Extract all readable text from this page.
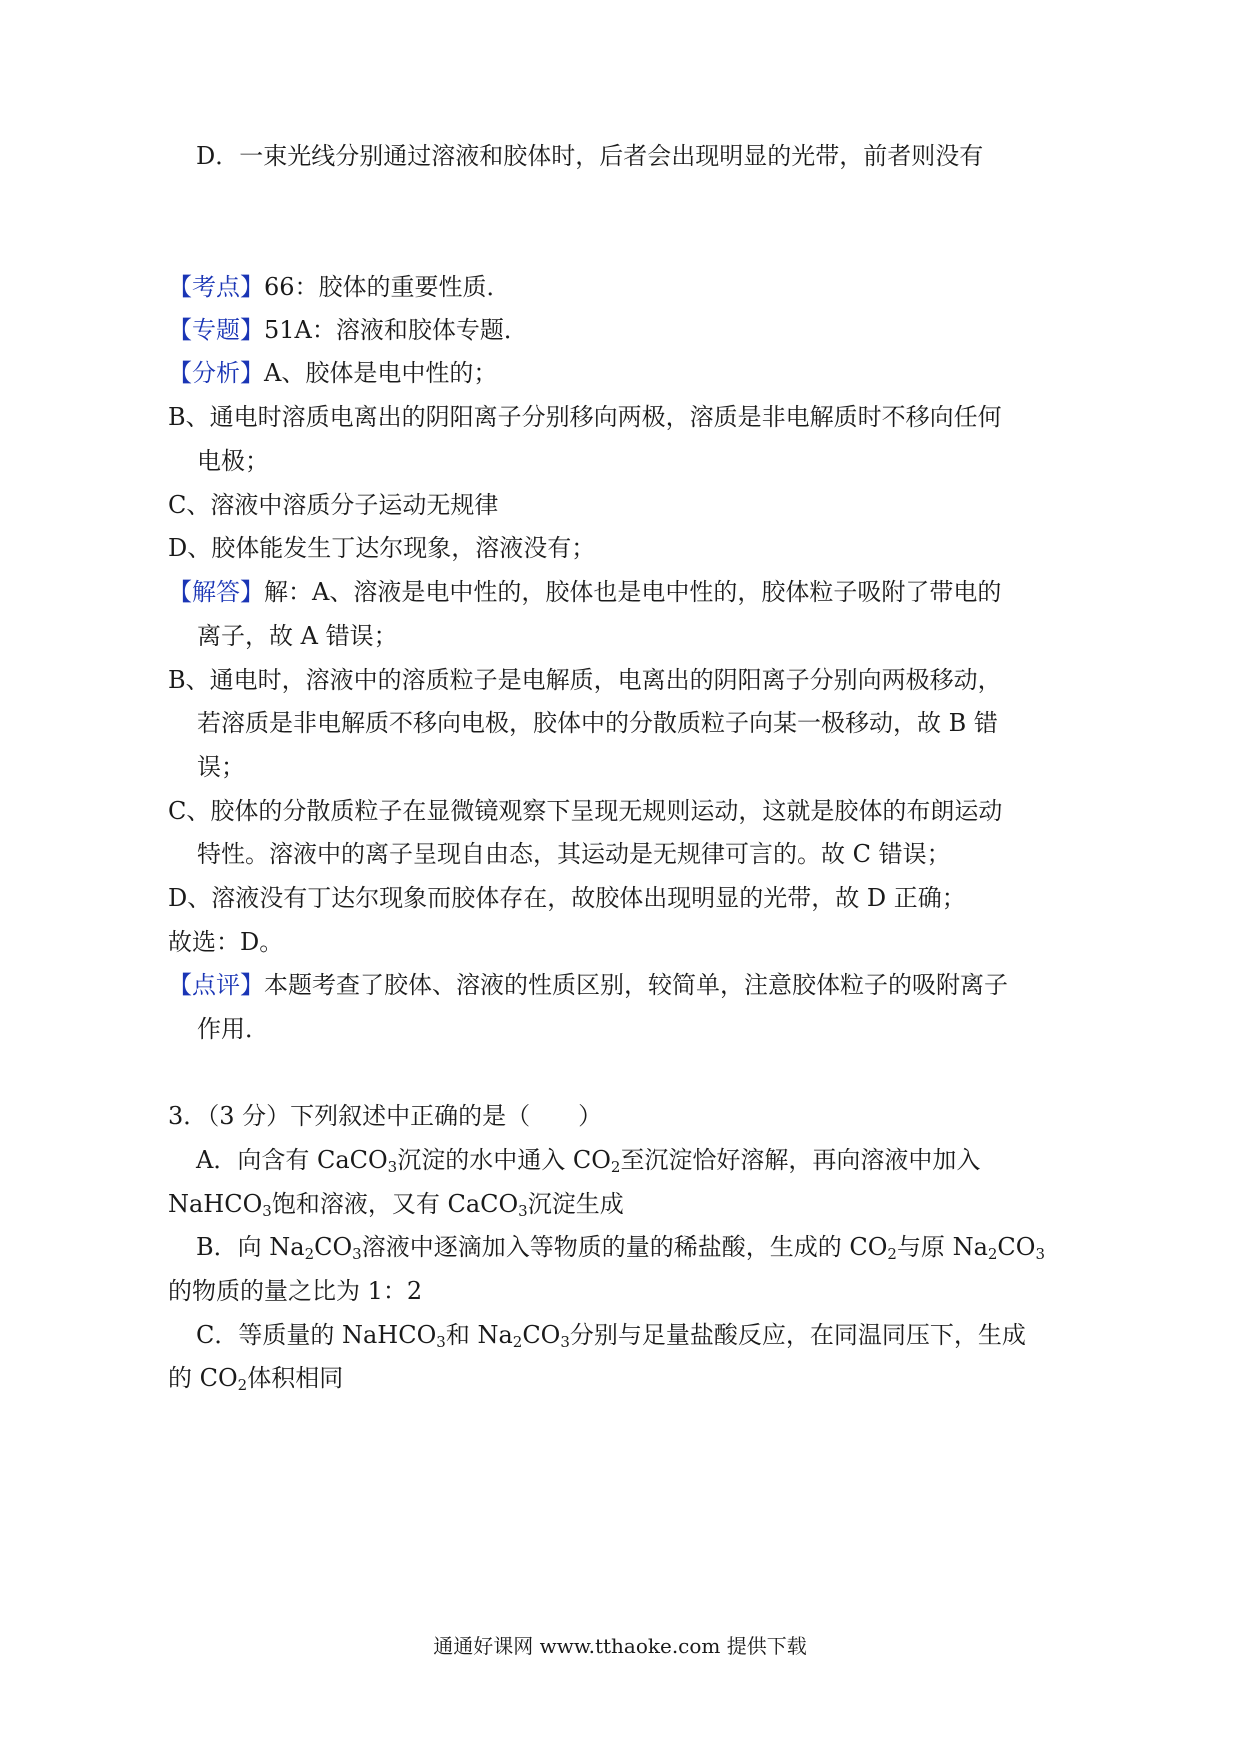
D．一束光线分别通过溶液和胶体时，后者会出现明显的光带，前者则没有
【考点】66：胶体的重要性质．
【专题】51A：溶液和胶体专题．
【分析】A、胶体是电中性的；
B、通电时溶质电离出的阴阳离子分别移向两极，溶质是非电解质时不移向任何
电极；
C、溶液中溶质分子运动无规律
D、胶体能发生丁达尔现象，溶液没有；
【解答】解：A、溶液是电中性的，胶体也是电中性的，胶体粒子吸附了带电的
离子，故 A 错误；
B、通电时，溶液中的溶质粒子是电解质，电离出的阴阳离子分别向两极移动，
若溶质是非电解质不移向电极，胶体中的分散质粒子向某一极移动，故 B 错
误；
C、胶体的分散质粒子在显微镜观察下呈现无规则运动，这就是胶体的布朗运动
特性。溶液中的离子呈现自由态，其运动是无规律可言的。故 C 错误；
D、溶液没有丁达尔现象而胶体存在，故胶体出现明显的光带，故 D 正确；
故选：D。
【点评】本题考查了胶体、溶液的性质区别，较简单，注意胶体粒子的吸附离子
作用．
3．（3 分）下列叙述中正确的是（　　）
A．向含有 CaCO$_3$沉淀的水中通入 $CO_2$至沉淀恰好溶解，再向溶液中加入
NaHCO$_3$饱和溶液，又有 CaCO$_3$沉淀生成
B．向 $Na_2CO_3$溶液中逐滴加入等物质的量的稀盐酸，生成的 $CO_2$与原 $Na_2CO_3$
的物质的量之比为 1：2
C．等质量的 NaHCO$_3$和 $Na_2CO_3$分别与足量盐酸反应，在同温同压下，生成
的 $CO_2$体积相同
通通好课网 www.tthaoke.com 提供下载
